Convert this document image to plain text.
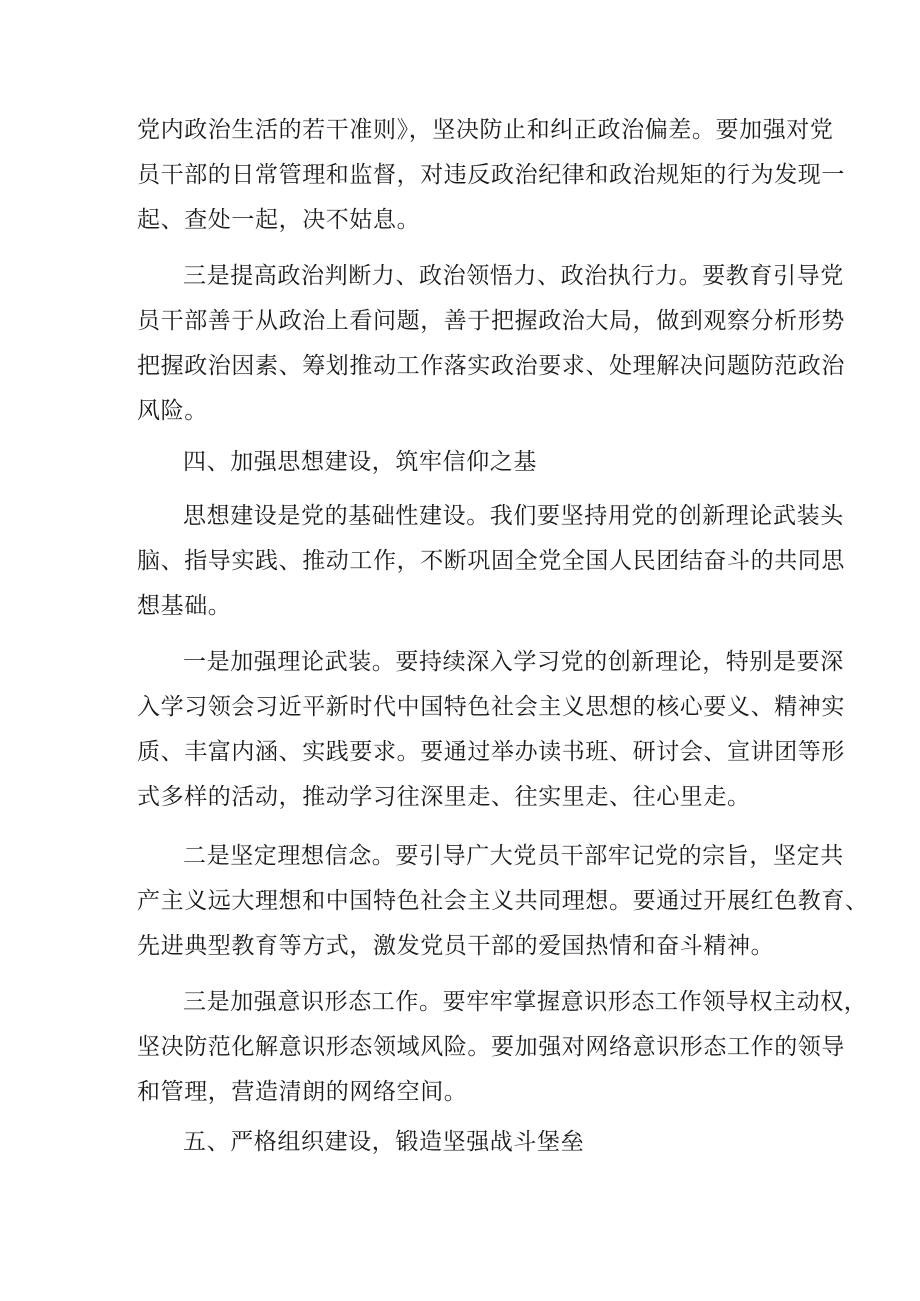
党内政治生活的若干准则》，坚决防止和纠正政治偏差。要加强对党
员干部的日常管理和监督，对违反政治纪律和政治规矩的行为发现一
起、查处一起，决不姑息。
三是提高政治判断力、政治领悟力、政治执行力。要教育引导党
员干部善于从政治上看问题，善于把握政治大局，做到观察分析形势
把握政治因素、筹划推动工作落实政治要求、处理解决问题防范政治
风险。
四、加强思想建设，筑牢信仰之基
思想建设是党的基础性建设。我们要坚持用党的创新理论武装头
脑、指导实践、推动工作，不断巩固全党全国人民团结奋斗的共同思
想基础。
一是加强理论武装。要持续深入学习党的创新理论，特别是要深
入学习领会习近平新时代中国特色社会主义思想的核心要义、精神实
质、丰富内涵、实践要求。要通过举办读书班、研讨会、宣讲团等形
式多样的活动，推动学习往深里走、往实里走、往心里走。
二是坚定理想信念。要引导广大党员干部牢记党的宗旨，坚定共
产主义远大理想和中国特色社会主义共同理想。要通过开展红色教育、
先进典型教育等方式，激发党员干部的爱国热情和奋斗精神。
三是加强意识形态工作。要牢牢掌握意识形态工作领导权主动权，
坚决防范化解意识形态领域风险。要加强对网络意识形态工作的领导
和管理，营造清朗的网络空间。
五、严格组织建设，锻造坚强战斗堡垒
